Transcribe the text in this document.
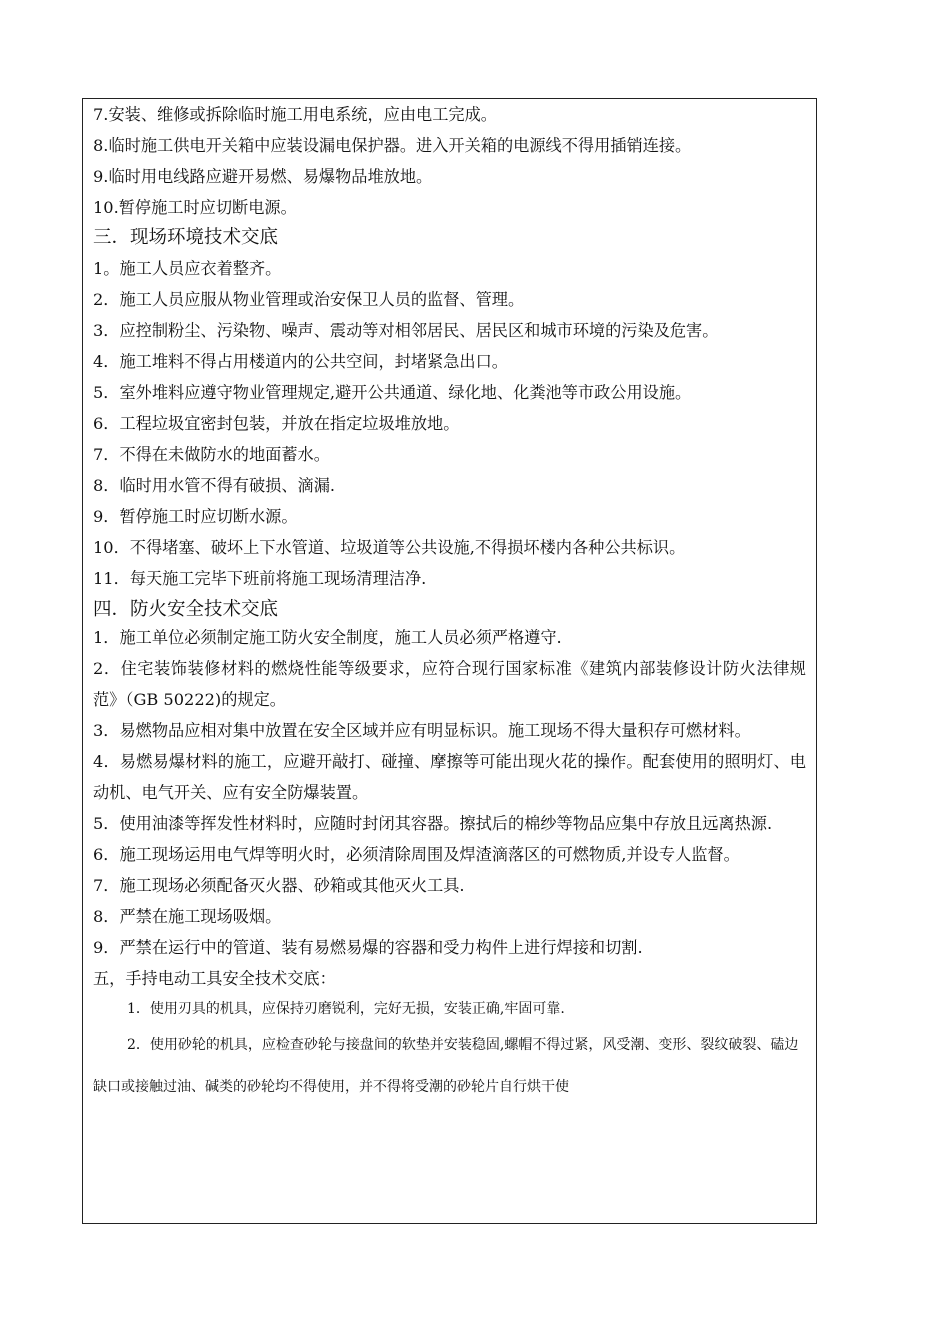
7.安装、维修或拆除临时施工用电系统，应由电工完成。
8.临时施工供电开关箱中应装设漏电保护器。进入开关箱的电源线不得用插销连接。
9.临时用电线路应避开易燃、易爆物品堆放地。
10.暂停施工时应切断电源。
三．现场环境技术交底
1。施工人员应衣着整齐。
2．施工人员应服从物业管理或治安保卫人员的监督、管理。

3．应控制粉尘、污染物、噪声、震动等对相邻居民、居民区和城市环境的污染及危害。

4．施工堆料不得占用楼道内的公共空间，封堵紧急出口。
5．室外堆料应遵守物业管理规定,避开公共通道、绿化地、化粪池等市政公用设施。
6．工程垃圾宜密封包装，并放在指定垃圾堆放地。
7．不得在未做防水的地面蓄水。
8．临时用水管不得有破损、滴漏.
9．暂停施工时应切断水源。
10．不得堵塞、破坏上下水管道、垃圾道等公共设施,不得损坏楼内各种公共标识。
11．每天施工完毕下班前将施工现场清理洁净.
四．防火安全技术交底
1．施工单位必须制定施工防火安全制度，施工人员必须严格遵守.

2．住宅装饰装修材料的燃烧性能等级要求，应符合现行国家标准《建筑内部装修设计防火法律规范》（GB 50222)的规定。

3．易燃物品应相对集中放置在安全区域并应有明显标识。施工现场不得大量积存可燃材料。

4．易燃易爆材料的施工，应避开敲打、碰撞、摩擦等可能出现火花的操作。配套使用的照明灯、电动机、电气开关、应有安全防爆装置。

5．使用油漆等挥发性材料时，应随时封闭其容器。擦拭后的棉纱等物品应集中存放且远离热源.

6．施工现场运用电气焊等明火时，必须清除周围及焊渣滴落区的可燃物质,并设专人监督。

7．施工现场必须配备灭火器、砂箱或其他灭火工具.
8．严禁在施工现场吸烟。
9．严禁在运行中的管道、装有易燃易爆的容器和受力构件上进行焊接和切割.
五，手持电动工具安全技术交底：
1．使用刃具的机具，应保持刃磨锐利，完好无损，安装正确,牢固可靠.

2．使用砂轮的机具，应检查砂轮与接盘间的软垫并安装稳固,螺帽不得过紧，风受潮、变形、裂纹破裂、磕边缺口或接触过油、碱类的砂轮均不得使用，并不得将受潮的砂轮片自行烘干使
